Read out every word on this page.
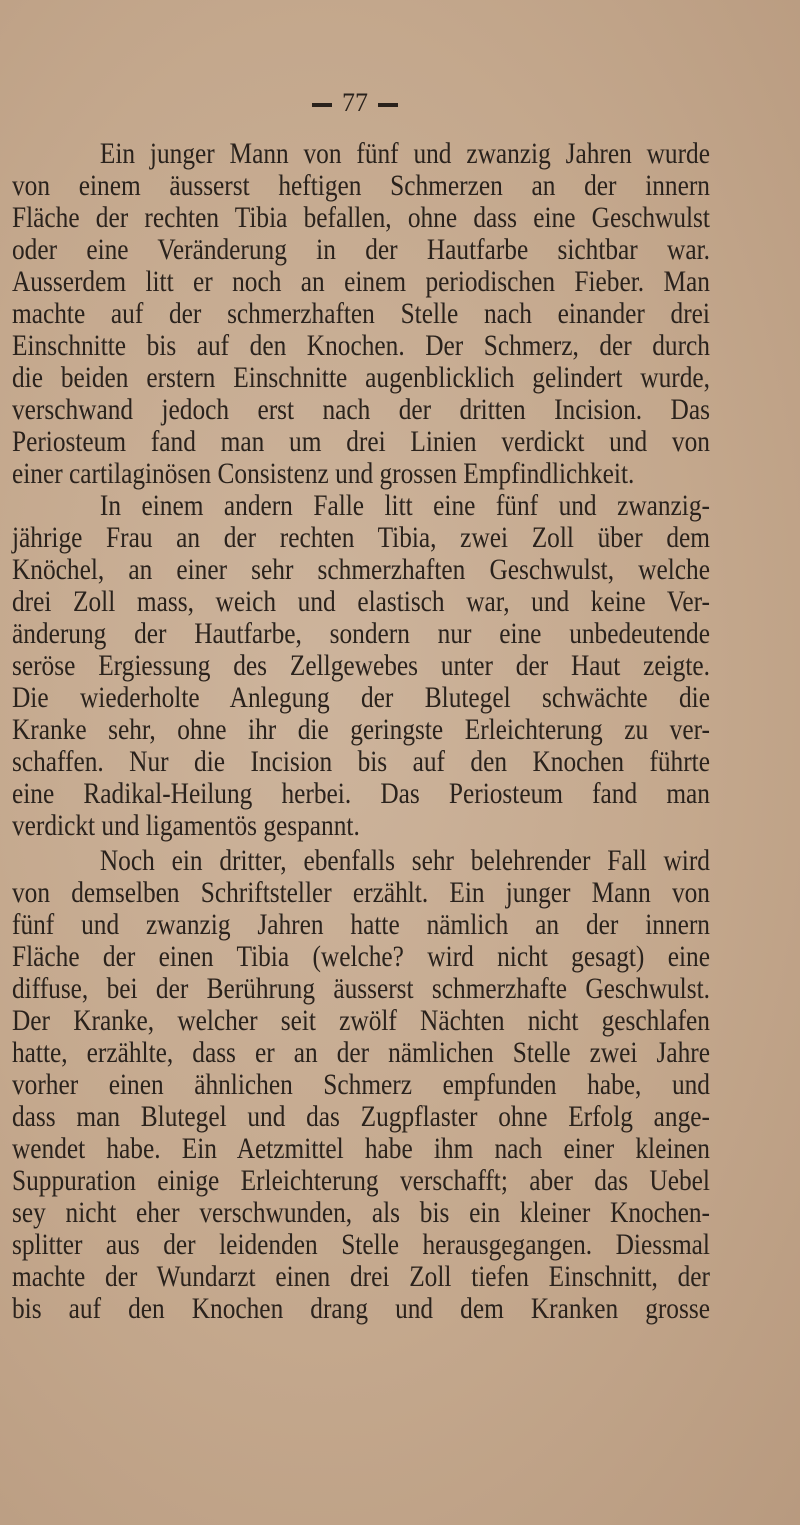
77
Ein junger Mann von fünf und zwanzig Jahren wurde
von einem äusserst heftigen Schmerzen an der innern
Fläche der rechten Tibia befallen, ohne dass eine Geschwulst
oder eine Veränderung in der Hautfarbe sichtbar war.
Ausserdem litt er noch an einem periodischen Fieber. Man
machte auf der schmerzhaften Stelle nach einander drei
Einschnitte bis auf den Knochen. Der Schmerz, der durch
die beiden erstern Einschnitte augenblicklich gelindert wurde,
verschwand jedoch erst nach der dritten Incision. Das
Periosteum fand man um drei Linien verdickt und von
einer cartilaginösen Consistenz und grossen Empfindlichkeit.
In einem andern Falle litt eine fünf und zwanzig-
jährige Frau an der rechten Tibia, zwei Zoll über dem
Knöchel, an einer sehr schmerzhaften Geschwulst, welche
drei Zoll mass, weich und elastisch war, und keine Ver-
änderung der Hautfarbe, sondern nur eine unbedeutende
seröse Ergiessung des Zellgewebes unter der Haut zeigte.
Die wiederholte Anlegung der Blutegel schwächte die
Kranke sehr, ohne ihr die geringste Erleichterung zu ver-
schaffen. Nur die Incision bis auf den Knochen führte
eine Radikal-Heilung herbei. Das Periosteum fand man
verdickt und ligamentös gespannt.
Noch ein dritter, ebenfalls sehr belehrender Fall wird
von demselben Schriftsteller erzählt. Ein junger Mann von
fünf und zwanzig Jahren hatte nämlich an der innern
Fläche der einen Tibia (welche? wird nicht gesagt) eine
diffuse, bei der Berührung äusserst schmerzhafte Geschwulst.
Der Kranke, welcher seit zwölf Nächten nicht geschlafen
hatte, erzählte, dass er an der nämlichen Stelle zwei Jahre
vorher einen ähnlichen Schmerz empfunden habe, und
dass man Blutegel und das Zugpflaster ohne Erfolg ange-
wendet habe. Ein Aetzmittel habe ihm nach einer kleinen
Suppuration einige Erleichterung verschafft; aber das Uebel
sey nicht eher verschwunden, als bis ein kleiner Knochen-
splitter aus der leidenden Stelle herausgegangen. Diessmal
machte der Wundarzt einen drei Zoll tiefen Einschnitt, der
bis auf den Knochen drang und dem Kranken grosse
